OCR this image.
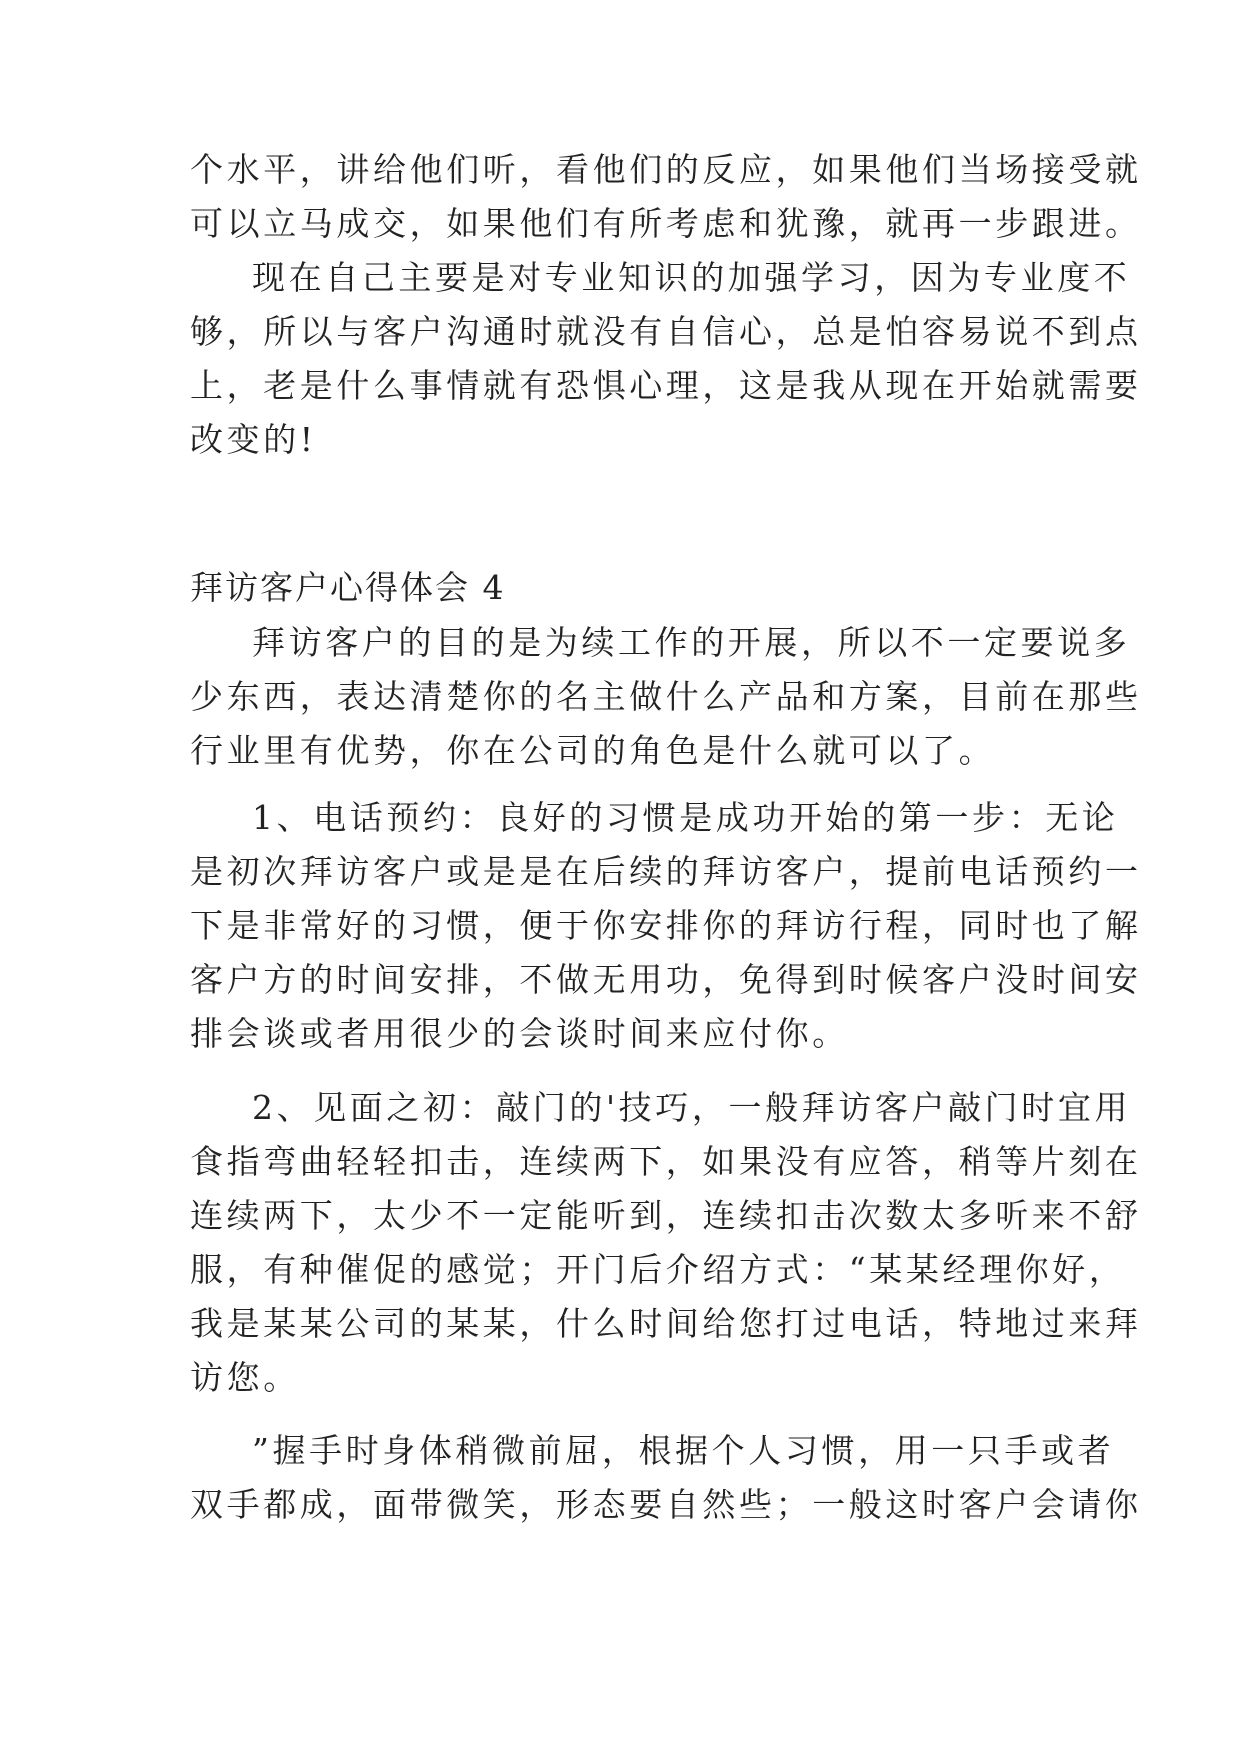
个水平，讲给他们听，看他们的反应，如果他们当场接受就
可以立马成交，如果他们有所考虑和犹豫，就再一步跟进。
现在自己主要是对专业知识的加强学习，因为专业度不
够，所以与客户沟通时就没有自信心，总是怕容易说不到点
上，老是什么事情就有恐惧心理，这是我从现在开始就需要
改变的!
拜访客户心得体会 4
拜访客户的目的是为续工作的开展，所以不一定要说多
少东西，表达清楚你的名主做什么产品和方案，目前在那些
行业里有优势，你在公司的角色是什么就可以了。
1、电话预约：良好的习惯是成功开始的第一步：无论
是初次拜访客户或是是在后续的拜访客户，提前电话预约一
下是非常好的习惯，便于你安排你的拜访行程，同时也了解
客户方的时间安排，不做无用功，免得到时候客户没时间安
排会谈或者用很少的会谈时间来应付你。
2、见面之初：敲门的'技巧，一般拜访客户敲门时宜用
食指弯曲轻轻扣击，连续两下，如果没有应答，稍等片刻在
连续两下，太少不一定能听到，连续扣击次数太多听来不舒
服，有种催促的感觉；开门后介绍方式：“某某经理你好，
我是某某公司的某某，什么时间给您打过电话，特地过来拜
访您。
”握手时身体稍微前屈，根据个人习惯，用一只手或者
双手都成，面带微笑，形态要自然些；一般这时客户会请你
